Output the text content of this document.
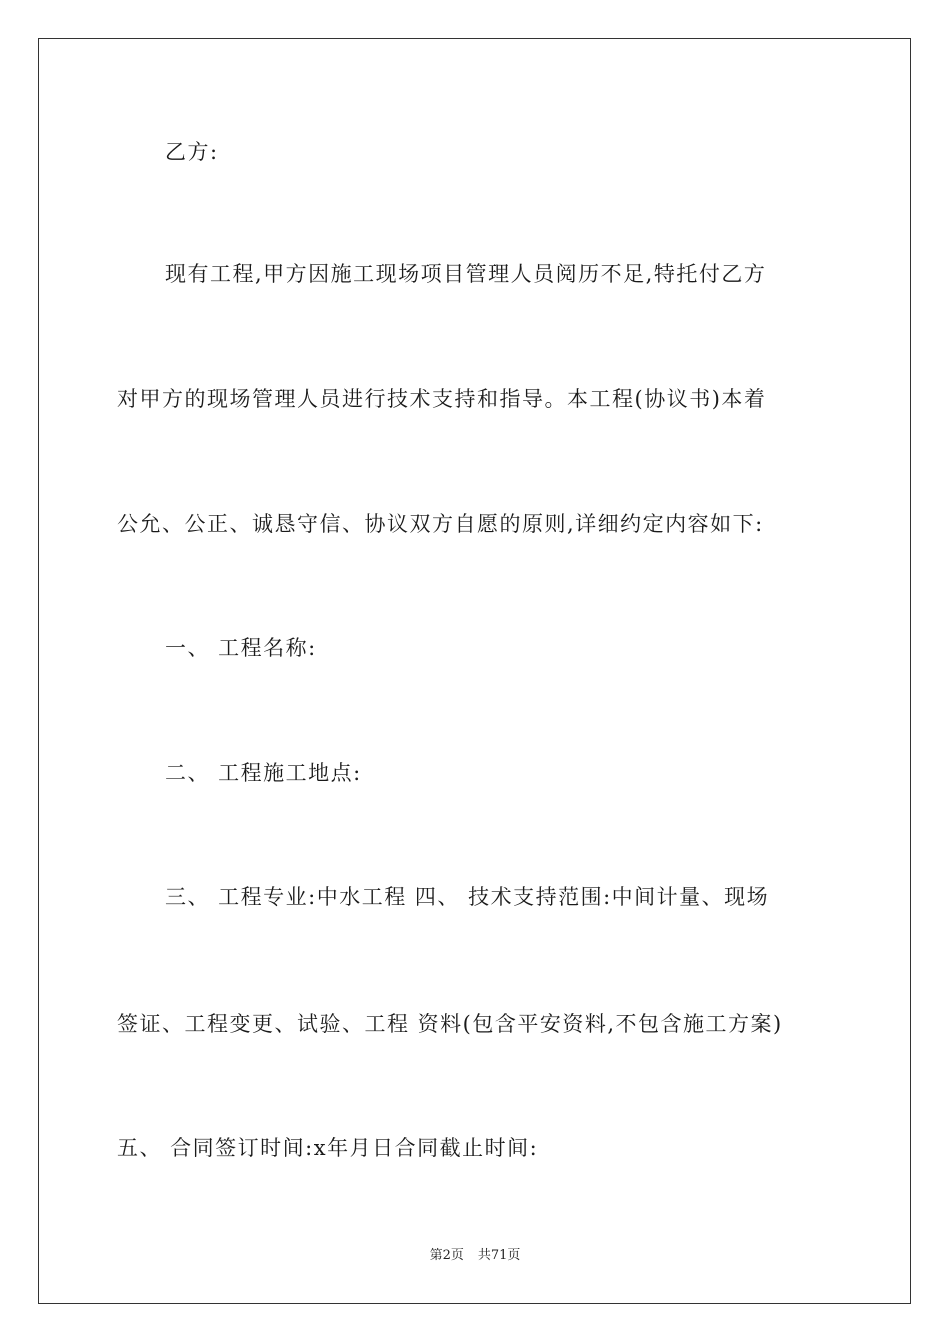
乙方:
现有工程,甲方因施工现场项目管理人员阅历不足,特托付乙方
对甲方的现场管理人员进行技术支持和指导。本工程(协议书)本着
公允、公正、诚恳守信、协议双方自愿的原则,详细约定内容如下:
一、 工程名称:
二、 工程施工地点:
三、 工程专业:中水工程 四、 技术支持范围:中间计量、现场
签证、工程变更、试验、工程 资料(包含平安资料,不包含施工方案)
五、 合同签订时间:x年月日合同截止时间:
第2页 共71页
